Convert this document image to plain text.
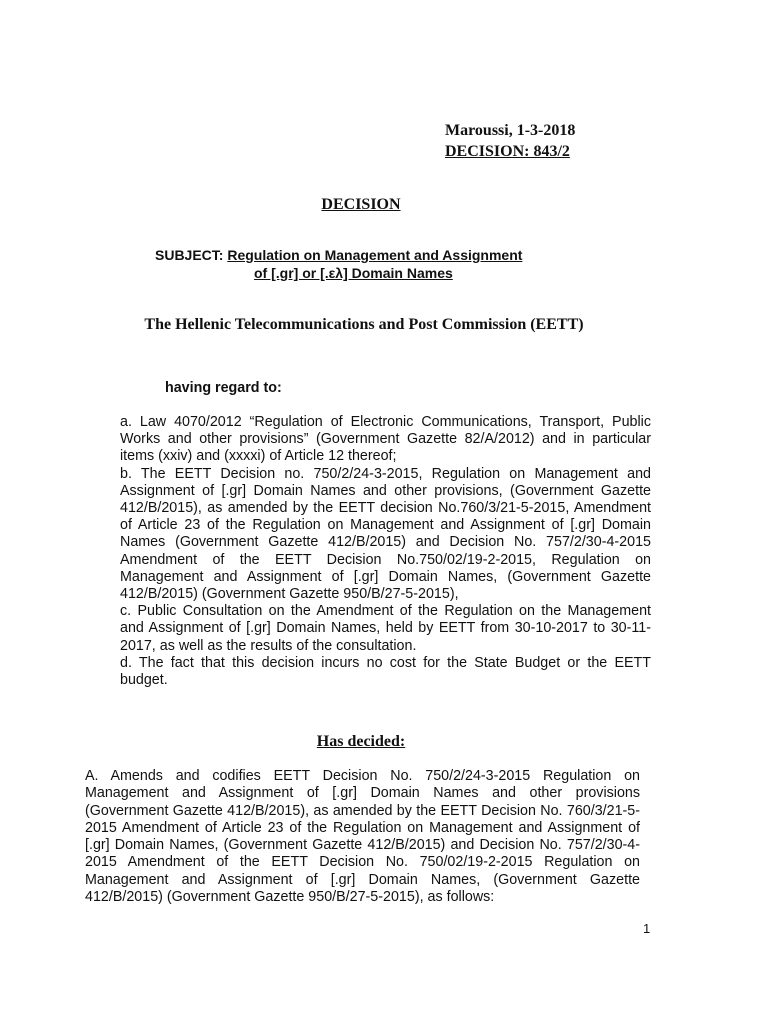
Maroussi, 1-3-2018
DECISION: 843/2
DECISION
SUBJECT: Regulation on Management and Assignment
of [.gr] or [.ελ] Domain Names
The Hellenic Telecommunications and Post Commission (EETT)
having regard to:

a. Law 4070/2012 “Regulation of Electronic Communications, Transport, Public Works and other provisions” (Government Gazette 82/A/2012) and in particular items (xxiv) and (xxxxi) of Article 12 thereof;

b. The EETT Decision no. 750/2/24-3-2015, Regulation on Management and Assignment of [.gr] Domain Names and other provisions, (Government Gazette 412/B/2015), as amended by the EETT decision No.760/3/21-5-2015, Amendment of Article 23 of the Regulation on Management and Assignment of [.gr] Domain Names (Government Gazette 412/B/2015) and Decision No. 757/2/30-4-2015 Amendment of the EETT Decision No.750/02/19-2-2015, Regulation on Management and Assignment of [.gr] Domain Names, (Government Gazette 412/B/2015) (Government Gazette 950/B/27-5-2015),

c. Public Consultation on the Amendment of the Regulation on the Management and Assignment of [.gr] Domain Names, held by EETT from 30-10-2017 to 30-11-2017, as well as the results of the consultation.

d. The fact that this decision incurs no cost for the State Budget or the EETT budget.

Has decided:

A. Amends and codifies EETT Decision No. 750/2/24-3-2015 Regulation on Management and Assignment of [.gr] Domain Names and other provisions (Government Gazette 412/B/2015), as amended by the EETT Decision No. 760/3/21-5-2015 Amendment of Article 23 of the Regulation on Management and Assignment of [.gr] Domain Names, (Government Gazette 412/B/2015) and Decision No. 757/2/30-4-2015 Amendment of the EETT Decision No. 750/02/19-2-2015 Regulation on Management and Assignment of [.gr] Domain Names, (Government Gazette 412/B/2015) (Government Gazette 950/B/27-5-2015), as follows:

1
